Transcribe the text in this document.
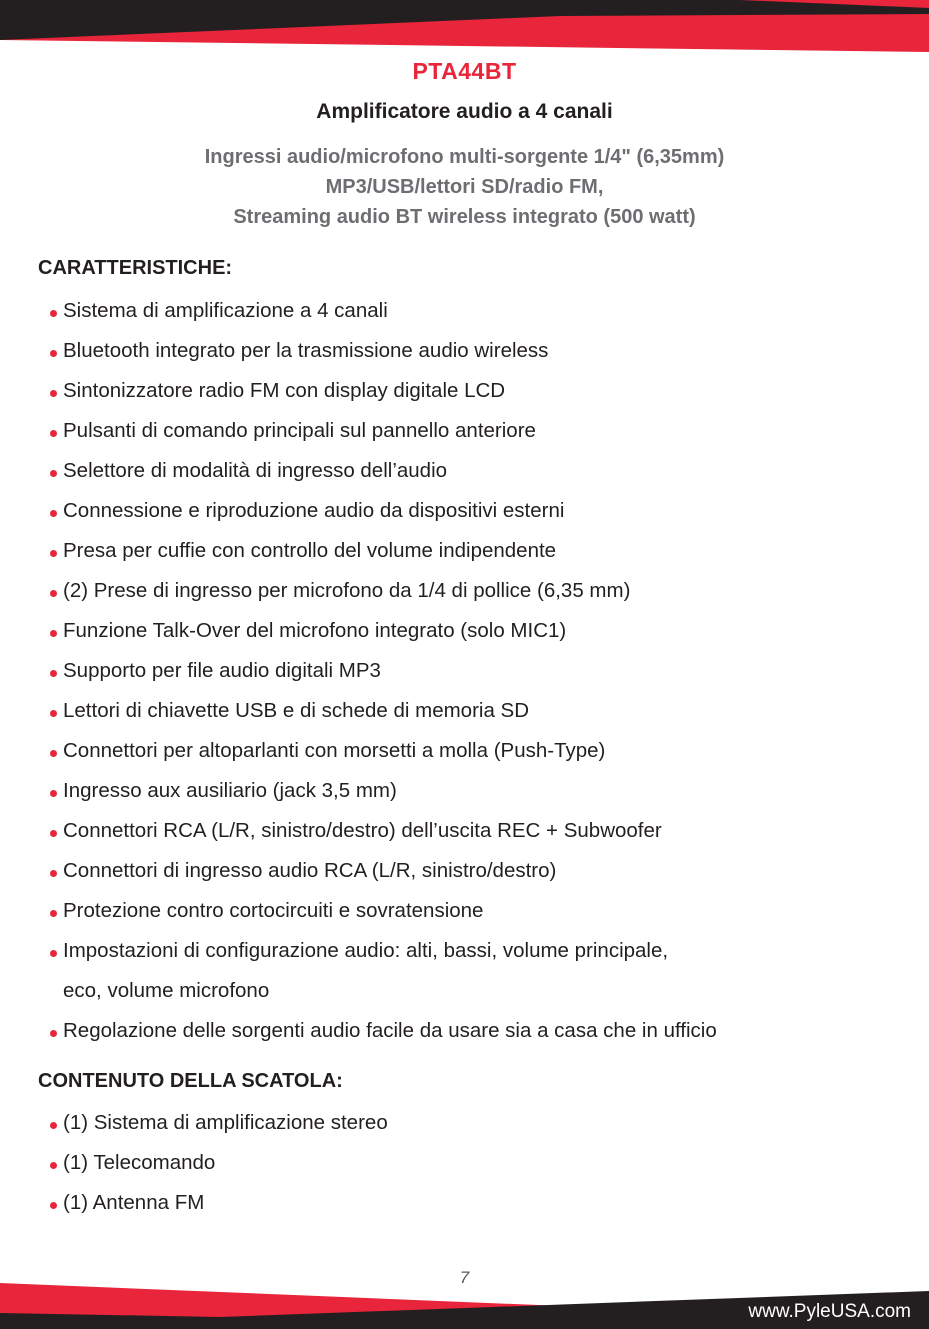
PTA44BT
Amplificatore audio a 4 canali
Ingressi audio/microfono multi-sorgente 1/4" (6,35mm)
MP3/USB/lettori SD/radio FM,
Streaming audio BT wireless integrato (500 watt)
CARATTERISTICHE:
Sistema di amplificazione a 4 canali
Bluetooth integrato per la trasmissione audio wireless
Sintonizzatore radio FM con display digitale LCD
Pulsanti di comando principali sul pannello anteriore
Selettore di modalità di ingresso dell’audio
Connessione e riproduzione audio da dispositivi esterni
Presa per cuffie con controllo del volume indipendente
(2) Prese di ingresso per microfono da 1/4 di pollice (6,35 mm)
Funzione Talk-Over del microfono integrato (solo MIC1)
Supporto per file audio digitali MP3
Lettori di chiavette USB e di schede di memoria SD
Connettori per altoparlanti con morsetti a molla (Push-Type)
Ingresso aux ausiliario (jack 3,5 mm)
Connettori RCA (L/R, sinistro/destro) dell’uscita REC + Subwoofer
Connettori di ingresso audio RCA (L/R, sinistro/destro)
Protezione contro cortocircuiti e sovratensione
Impostazioni di configurazione audio: alti, bassi, volume principale,
eco, volume microfono
Regolazione delle sorgenti audio facile da usare sia a casa che in ufficio
CONTENUTO DELLA SCATOLA:
(1) Sistema di amplificazione stereo
(1) Telecomando
(1) Antenna FM
7
www.PyleUSA.com
